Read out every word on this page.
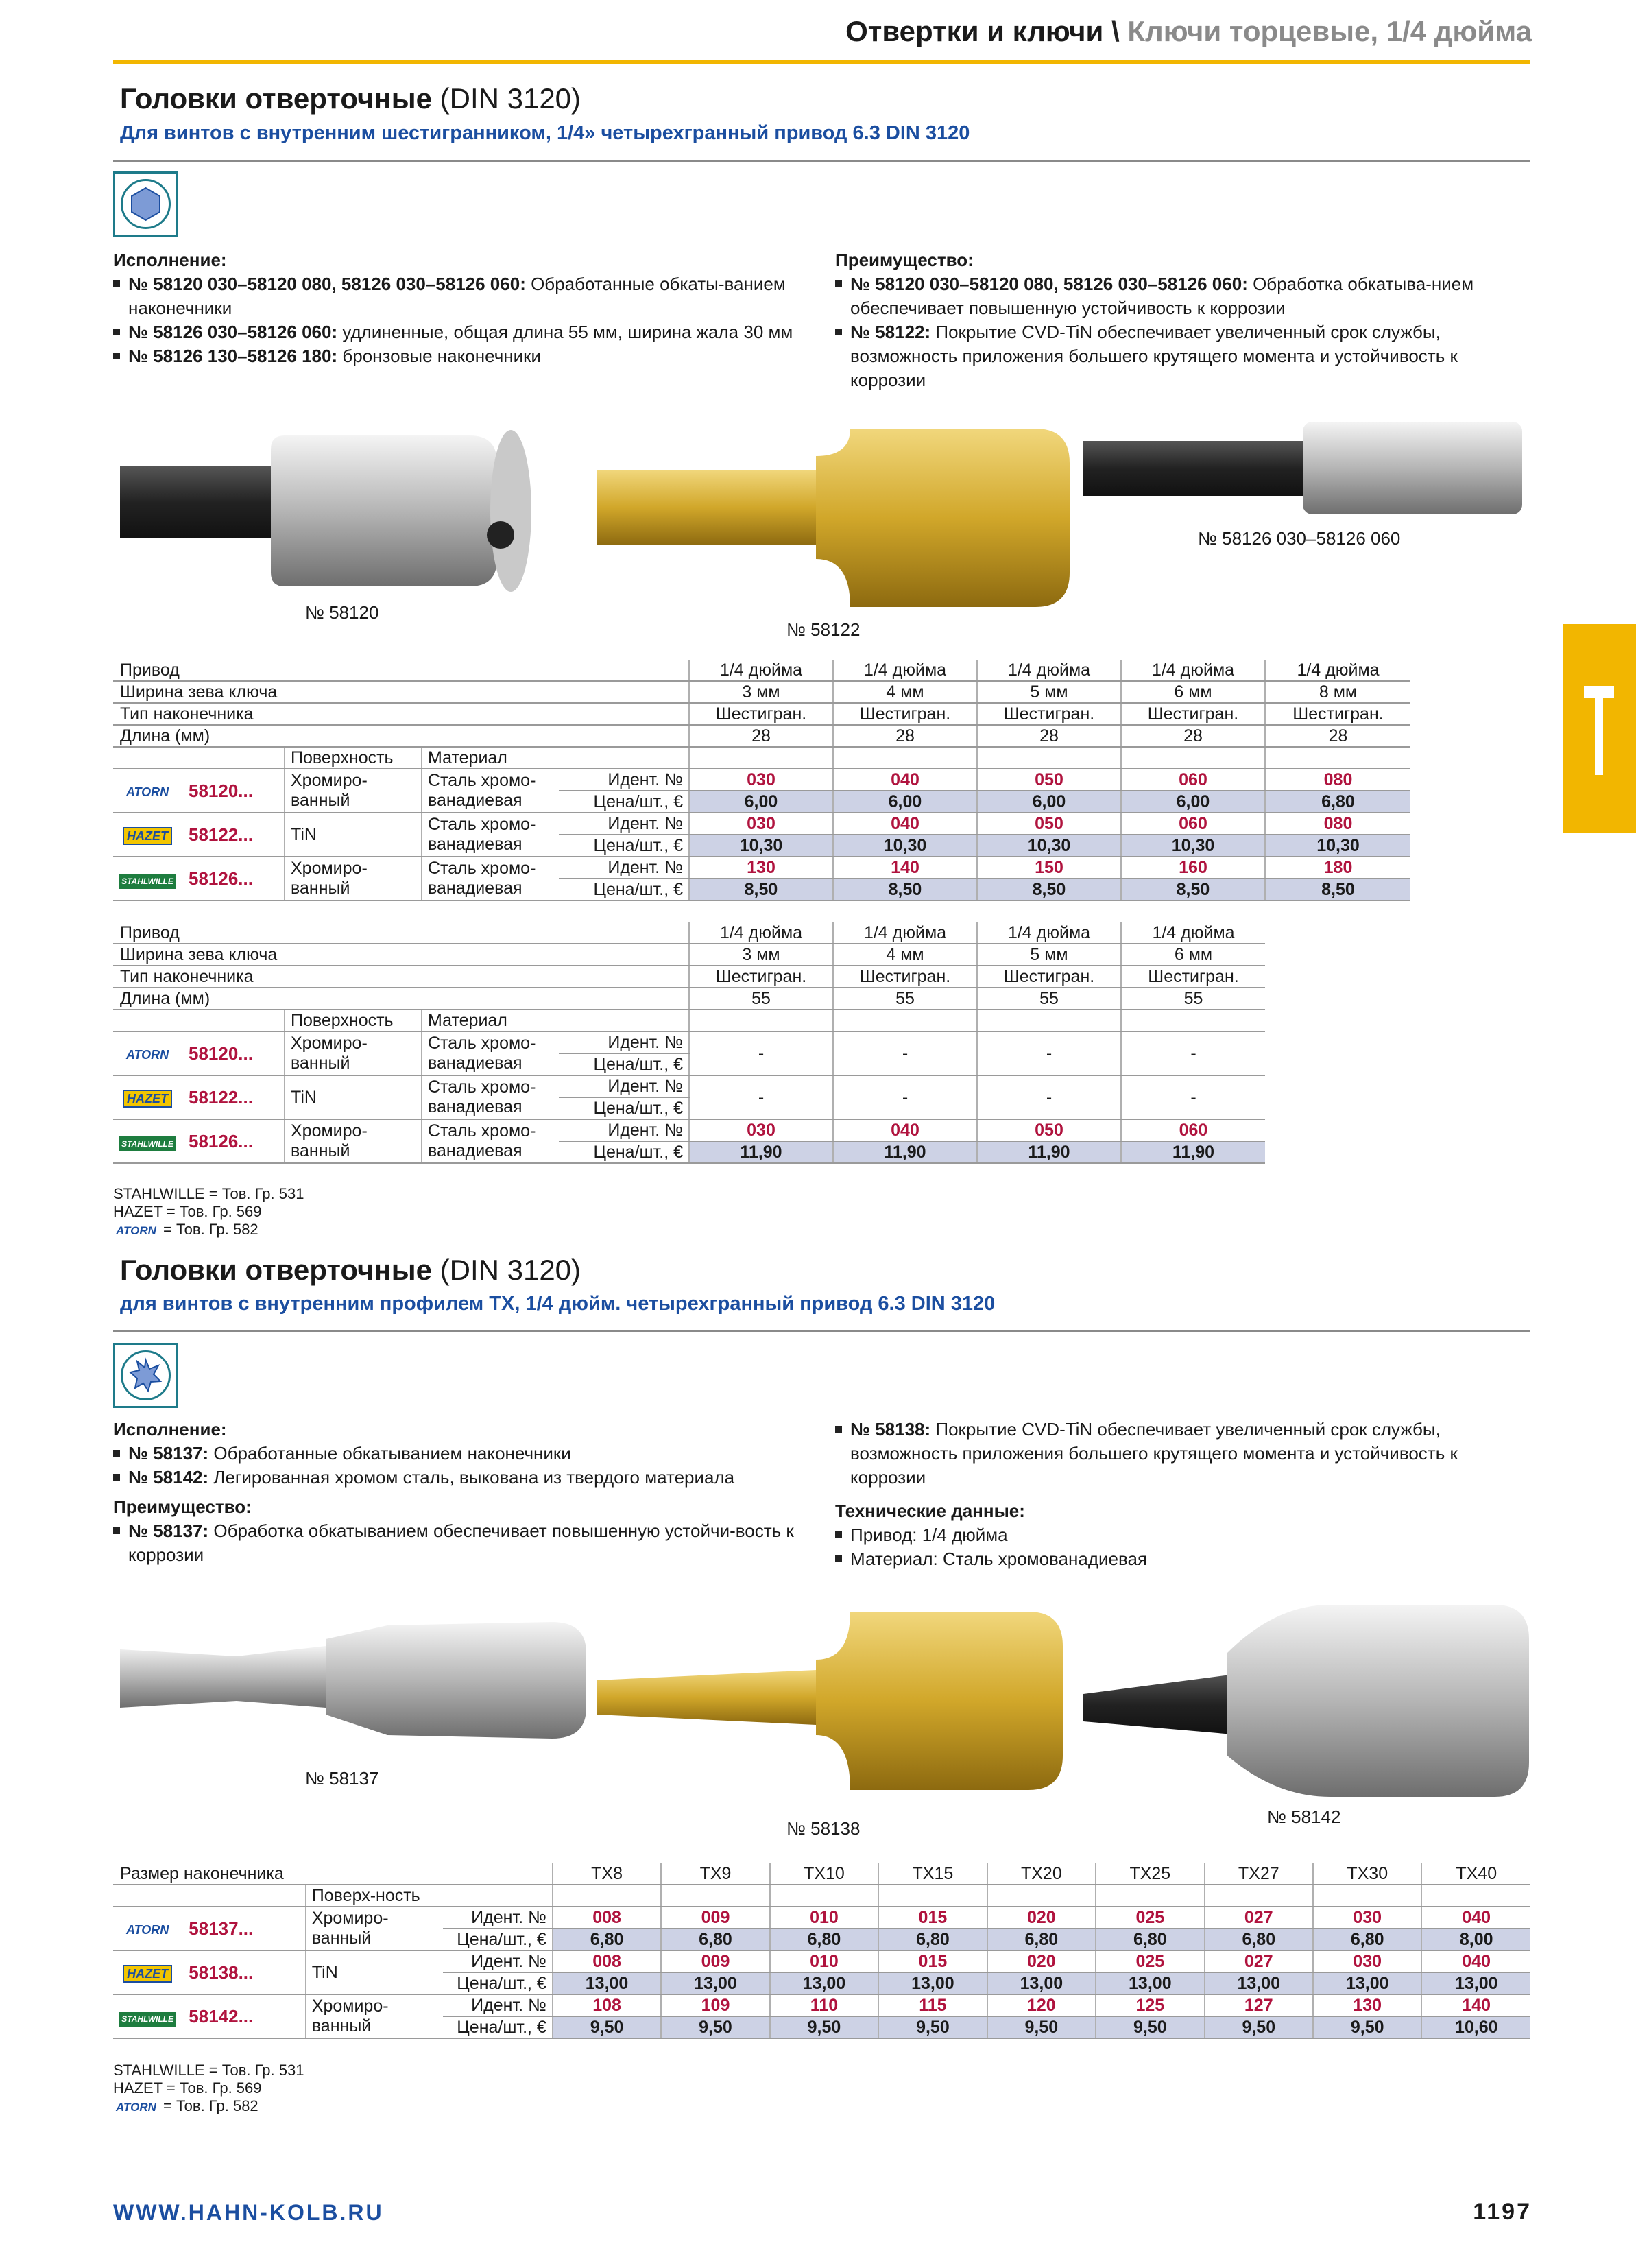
Отвертки и ключи \ Ключи торцевые, 1/4 дюйма
Головки отверточные (DIN 3120)
Для винтов с внутренним шестигранником, 1/4» четырехгранный привод 6.3 DIN 3120
Исполнение:
№ 58120 030–58120 080, 58126 030–58126 060: Обработанные обкаты-ванием наконечники
№ 58126 030–58126 060: удлиненные, общая длина 55 мм, ширина жала 30 мм
№ 58126 130–58126 180: бронзовые наконечники
Преимущество:
№ 58120 030–58120 080, 58126 030–58126 060: Обработка обкатыва-нием обеспечивает повышенную устойчивость к коррозии
№ 58122: Покрытие CVD-TiN обеспечивает увеличенный срок службы, возможность приложения большего крутящего момента и устойчивость к коррозии
№ 58120
№ 58122
№ 58126 030–58126 060
Привод					1/4 дюйма	1/4 дюйма	1/4 дюйма	1/4 дюйма	1/4 дюйма
Ширина зева ключа					3 мм	4 мм	5 мм	6 мм	8 мм
Тип наконечника					Шестигран.	Шестигран.	Шестигран.	Шестигран.	Шестигран.
Длина (мм)					28	28	28	28	28
		Поверхность	Материал						
ATORN	58120...	Хромиро-ванный	Сталь хромо-ванадиевая	Идент. №	030	040	050	060	080
				Цена/шт., €	6,00	6,00	6,00	6,00	6,80
HAZET	58122...	TiN	Сталь хромо-ванадиевая	Идент. №	030	040	050	060	080
				Цена/шт., €	10,30	10,30	10,30	10,30	10,30
STAHLWILLE	58126...	Хромиро-ванный	Сталь хромо-ванадиевая	Идент. №	130	140	150	160	180
				Цена/шт., €	8,50	8,50	8,50	8,50	8,50
Привод					1/4 дюйма	1/4 дюйма	1/4 дюйма	1/4 дюйма
Ширина зева ключа					3 мм	4 мм	5 мм	6 мм
Тип наконечника					Шестигран.	Шестигран.	Шестигран.	Шестигран.
Длина (мм)					55	55	55	55
		Поверхность	Материал					
ATORN	58120...	Хромиро-ванный	Сталь хромо-ванадиевая	Идент. №	-	-	-	-
				Цена/шт., €				
HAZET	58122...	TiN	Сталь хромо-ванадиевая	Идент. №	-	-	-	-
				Цена/шт., €				
STAHLWILLE	58126...	Хромиро-ванный	Сталь хромо-ванадиевая	Идент. №	030	040	050	060
				Цена/шт., €	11,90	11,90	11,90	11,90
STAHLWILLE = Тов. Гр. 531
HAZET = Тов. Гр. 569
ATORN = Тов. Гр. 582
Головки отверточные (DIN 3120)
для винтов с внутренним профилем TX, 1/4 дюйм. четырехгранный привод 6.3 DIN 3120
Исполнение:
№ 58137: Обработанные обкатыванием наконечники
№ 58142: Легированная хромом сталь, выкована из твердого материала
Преимущество:
№ 58137: Обработка обкатыванием обеспечивает повышенную устойчи-вость к коррозии
№ 58138: Покрытие CVD-TiN обеспечивает увеличенный срок службы, возможность приложения большего крутящего момента и устойчивость к коррозии
Технические данные:
Привод: 1/4 дюйма
Материал: Сталь хромованадиевая
№ 58137
№ 58138
№ 58142
Размер наконечника				TX8	TX9	TX10	TX15	TX20	TX25	TX27	TX30	TX40
		Поверх-ность										
ATORN	58137...	Хромиро-ванный	Идент. №	008	009	010	015	020	025	027	030	040
			Цена/шт., €	6,80	6,80	6,80	6,80	6,80	6,80	6,80	6,80	8,00
HAZET	58138...	TiN	Идент. №	008	009	010	015	020	025	027	030	040
			Цена/шт., €	13,00	13,00	13,00	13,00	13,00	13,00	13,00	13,00	13,00
STAHLWILLE	58142...	Хромиро-ванный	Идент. №	108	109	110	115	120	125	127	130	140
			Цена/шт., €	9,50	9,50	9,50	9,50	9,50	9,50	9,50	9,50	10,60
STAHLWILLE = Тов. Гр. 531
HAZET = Тов. Гр. 569
ATORN = Тов. Гр. 582
WWW.HAHN-KOLB.RU	1197
